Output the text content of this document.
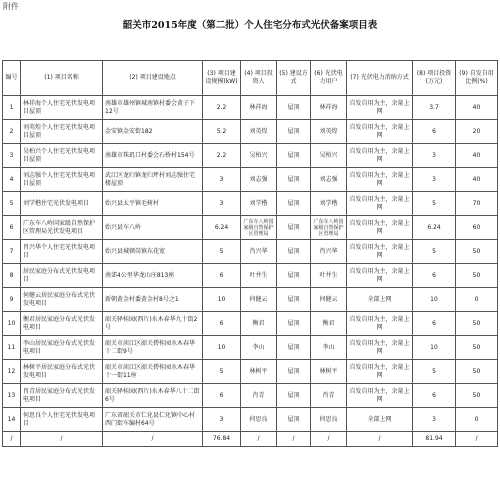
附件
韶关市2015年度（第二批）个人住宅分布式光伏备案项目表
编号	(1) 项目名称	(2) 项目建设地点	(3) 项目建设规模(kW)	(4) 项目投资人	(5) 建设方式	(6) 光伏电力用户	(7) 光伏电力消纳方式	(8) 项目投资(万元)	(9) 自发自用比例(%)
1	林祥海个人住宅光伏发电项目屋顶	南雄市雄州镇城南镇村委会黄子下12号	2.2	林祥海	屋顶	林祥海	自发自用为主，余量上网	3.7	40
2	刘英煌个人住宅光伏发电项目屋顶	金安镇金安街182	5.2	刘英煌	屋顶	刘英煌	自发自用为主，余量上网	6	20
3	吴柏兴个人住宅光伏发电项目屋顶	南雄市珠玑口村委会石桥村154号	2.2	吴柏兴	屋顶	吴柏兴	自发自用为主，余量上网	3	40
4	刘志强个人住宅光伏发电项目屋顶	武江区龙归镇龙归坪村刘志强住宅楼屋顶	3	刘志强	屋顶	刘志强	自发自用为主，余量上网	3	40
5	刘学楷住宅光伏发电项目	始兴县太平镇毛树村	3	刘学楷	屋顶	刘学楷	自发自用为主，余量上网	5	70
6	广东车八岭国家级自然保护区管理局光伏发电项目	始兴县车八岭	6.24	广东车八岭国家级自然保护区管理局	屋顶	广东车八岭国家级自然保护区管理局	自发自用为主，余量上网	6.24	60
7	肖兴华个人住宅光伏发电项目	始兴县城顿岗镇东花宽	5	肖兴华	屋顶	肖兴华	自发自用为主，余量上网	5	50
8	居民家庭分布式光伏发电项目	南郊4公里华龙山庄813座	6	叶井生	屋顶	叶井生	自发自用为主，余量上网	6	50
9	何健云居民家庭分布式光伏发电项目	新朝黄金村委黄金村8号之1	10	何健云	屋顶	何健云	全部上网	10	0
10	衡君居民家庭分布式光伏发电项目	韶关驿桂园(西片)水木春华九十街2号	6	衡君	屋顶	衡君	自发自用为主，余量上网	6	50
11	李山居民家庭分布式光伏发电项目	韶关市浈江区韶关碧桂园水木春华十二街9号	10	李山	屋顶	李山	自发自用为主，余量上网	10	50
12	林树平居民家庭分布式光伏发电项目	韶关市浈江区韶关碧桂园水木春华十一街11座	5	林树平	屋顶	林树平	自发自用为主，余量上网	5	50
13	肖青居民家庭分布式光伏发电项目	韶关驿桂园(西片)水木春华八十二街6号	6	肖青	屋顶	肖青	自发自用为主，余量上网	6	50
14	何思良个人住宅光伏发电项目	广东省韶关市仁化县仁化镇中心村西门街车编村64号	3	何思良	屋顶	何思良	全部上网	3	0
/	/	/	76.84	/	/	/	/	81.94	/
